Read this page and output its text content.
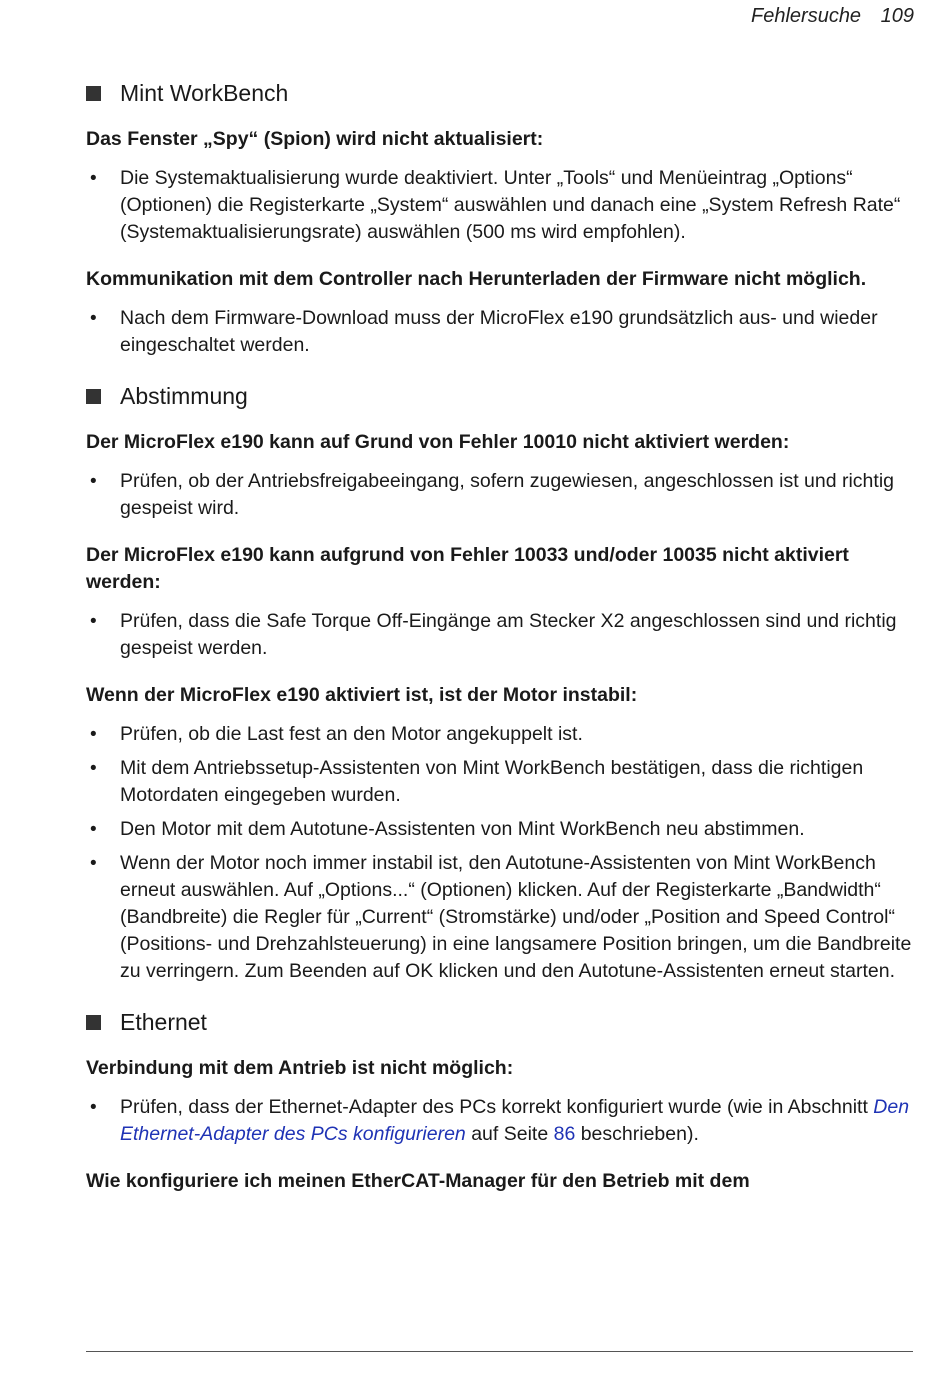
Fehlersuche 109
Mint WorkBench

Das Fenster „Spy“ (Spion) wird nicht aktualisiert:

• Die Systemaktualisierung wurde deaktiviert. Unter „Tools“ und Menüeintrag „Options“ (Optionen) die Registerkarte „System“ auswählen und danach eine „System Refresh Rate“ (Systemaktualisierungsrate) auswählen (500 ms wird empfohlen).

Kommunikation mit dem Controller nach Herunterladen der Firmware nicht möglich.

• Nach dem Firmware-Download muss der MicroFlex e190 grundsätzlich aus- und wieder eingeschaltet werden.
Abstimmung

Der MicroFlex e190 kann auf Grund von Fehler 10010 nicht aktiviert werden:

• Prüfen, ob der Antriebsfreigabeeingang, sofern zugewiesen, angeschlossen ist und richtig gespeist wird.

Der MicroFlex e190 kann aufgrund von Fehler 10033 und/oder 10035 nicht aktiviert werden:

• Prüfen, dass die Safe Torque Off-Eingänge am Stecker X2 angeschlossen sind und richtig gespeist werden.

Wenn der MicroFlex e190 aktiviert ist, ist der Motor instabil:

• Prüfen, ob die Last fest an den Motor angekuppelt ist.
• Mit dem Antriebssetup-Assistenten von Mint WorkBench bestätigen, dass die richtigen Motordaten eingegeben wurden.
• Den Motor mit dem Autotune-Assistenten von Mint WorkBench neu abstimmen.
• Wenn der Motor noch immer instabil ist, den Autotune-Assistenten von Mint WorkBench erneut auswählen. Auf „Options...“ (Optionen) klicken. Auf der Registerkarte „Bandwidth“ (Bandbreite) die Regler für „Current“ (Stromstärke) und/oder „Position and Speed Control“ (Positions- und Drehzahlsteuerung) in eine langsamere Position bringen, um die Bandbreite zu verringern. Zum Beenden auf OK klicken und den Autotune-Assistenten erneut starten.
Ethernet

Verbindung mit dem Antrieb ist nicht möglich:

• Prüfen, dass der Ethernet-Adapter des PCs korrekt konfiguriert wurde (wie in Abschnitt Den Ethernet-Adapter des PCs konfigurieren auf Seite 86 beschrieben).

Wie konfiguriere ich meinen EtherCAT-Manager für den Betrieb mit dem
